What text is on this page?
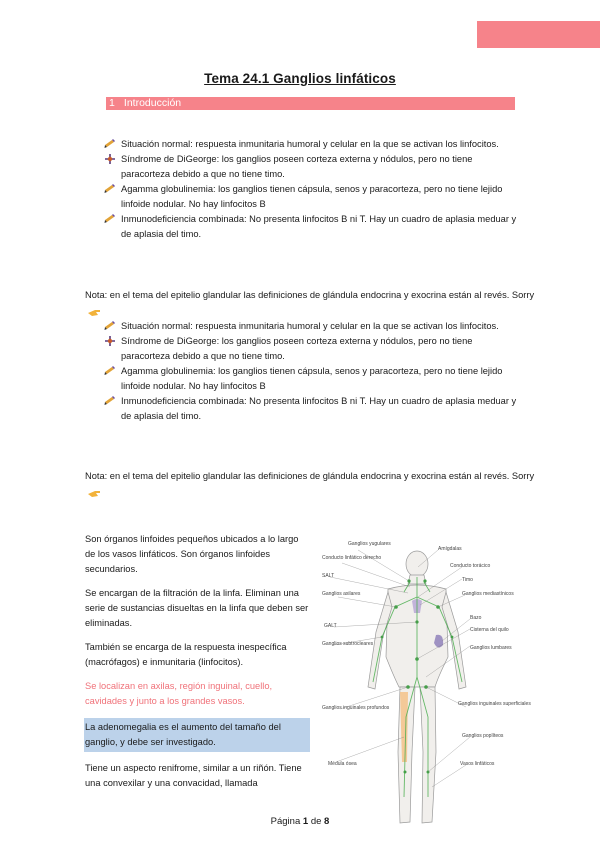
Tema 24.1 Ganglios linfáticos
1 Introducción
Situación normal: respuesta inmunitaria humoral y celular en la que se activan los linfocitos.
Síndrome de DiGeorge: los ganglios poseen corteza externa y nódulos, pero no tiene paracorteza debido a que no tiene timo.
Agamma globulinemia: los ganglios tienen cápsula, senos y paracorteza, pero no tiene lejido linfoide nodular. No hay linfocitos B
Inmunodeficiencia combinada: No presenta linfocitos B ni T. Hay un cuadro de aplasia meduar y de aplasia del timo.
Nota: en el tema del epitelio glandular las definiciones de glándula endocrina y exocrina están al revés. Sorry
Situación normal: respuesta inmunitaria humoral y celular en la que se activan los linfocitos.
Síndrome de DiGeorge: los ganglios poseen corteza externa y nódulos, pero no tiene paracorteza debido a que no tiene timo.
Agamma globulinemia: los ganglios tienen cápsula, senos y paracorteza, pero no tiene lejido linfoide nodular. No hay linfocitos B
Inmunodeficiencia combinada: No presenta linfocitos B ni T. Hay un cuadro de aplasia meduar y de aplasia del timo.
Nota: en el tema del epitelio glandular las definiciones de glándula endocrina y exocrina están al revés. Sorry

Son órganos linfoides pequeños ubicados a lo largo de los vasos linfáticos. Son órganos linfoides secundarios.

Se encargan de la filtración de la linfa. Eliminan una serie de sustancias disueltas en la linfa que deben ser eliminadas.

También se encarga de la respuesta inespecífica (macrófagos) e inmunitaria (linfocitos).

Se localizan en axilas, región inguinal, cuello, cavidades y junto a los grandes vasos.

La adenomegalia es el aumento del tamaño del ganglio, y debe ser investigado.

Tiene un aspecto renifrome, similar a un riñón. Tiene una convexilar y una convacidad, llamada

Ganglios yugulares
Conducto linfático derecho
SALT
Ganglios axilares
GALT
Ganglios subtrocleares
Ganglios inguinales profundos
Médula ósea
Amígdalas
Conducto torácico
Timo
Ganglios mediastínicos
Bazo
Cisterna del quilo
Ganglios lumbares
Ganglios inguinales superficiales
Ganglios poplíteos
Vasos linfáticos
Página 1 de 8
